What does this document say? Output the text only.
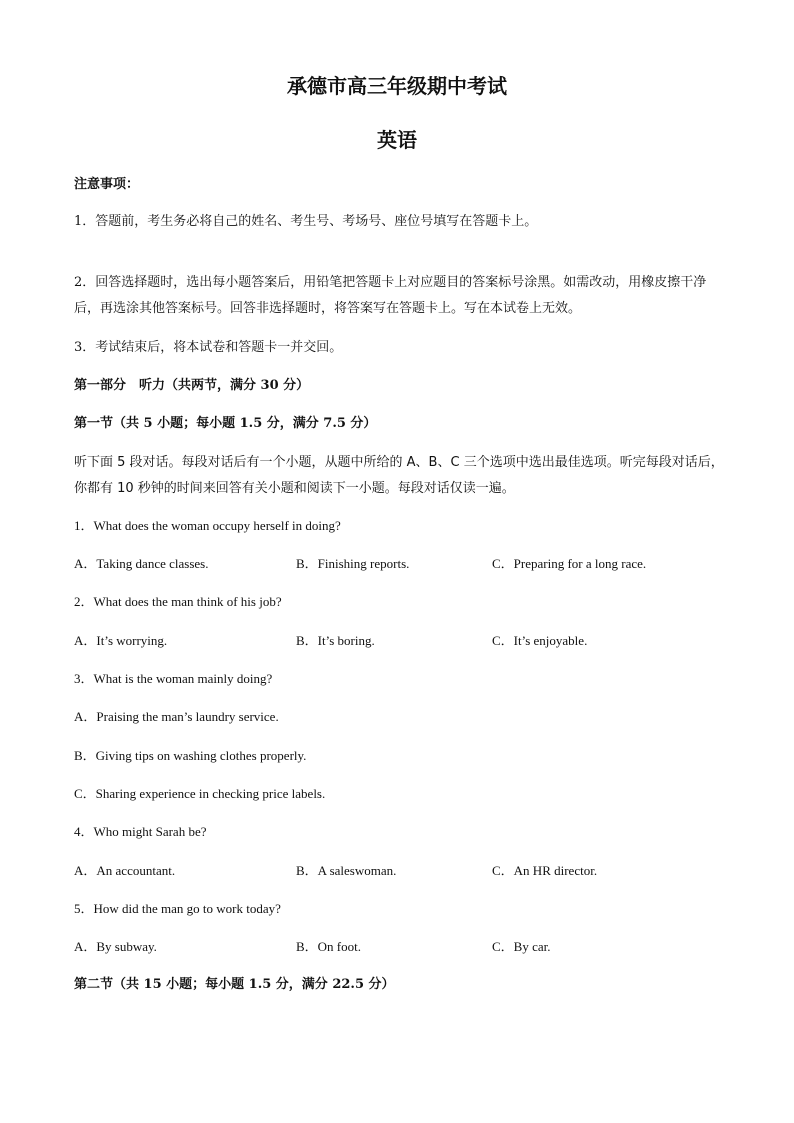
承德市高三年级期中考试
英语
注意事项：
1．答题前，考生务必将自己的姓名、考生号、考场号、座位号填写在答题卡上。
2．回答选择题时，选出每小题答案后，用铅笔把答题卡上对应题目的答案标号涂黑。如需改动，用橡皮擦干净后，再选涂其他答案标号。回答非选择题时，将答案写在答题卡上。写在本试卷上无效。
3．考试结束后，将本试卷和答题卡一并交回。
第一部分　听力（共两节，满分 30 分）
第一节（共 5 小题；每小题 1.5 分，满分 7.5 分）
听下面 5 段对话。每段对话后有一个小题，从题中所给的 A、B、C 三个选项中选出最佳选项。听完每段对话后，你都有 10 秒钟的时间来回答有关小题和阅读下一小题。每段对话仅读一遍。
1．What does the woman occupy herself in doing?
A．Taking dance classes.	B．Finishing reports.	C．Preparing for a long race.
2．What does the man think of his job?
A．It’s worrying.	B．It’s boring.	C．It’s enjoyable.
3．What is the woman mainly doing?
A．Praising the man’s laundry service.
B．Giving tips on washing clothes properly.
C．Sharing experience in checking price labels.
4．Who might Sarah be?
A．An accountant.	B．A saleswoman.	C．An HR director.
5．How did the man go to work today?
A．By subway.	B．On foot.	C．By car.
第二节（共 15 小题；每小题 1.5 分，满分 22.5 分）
